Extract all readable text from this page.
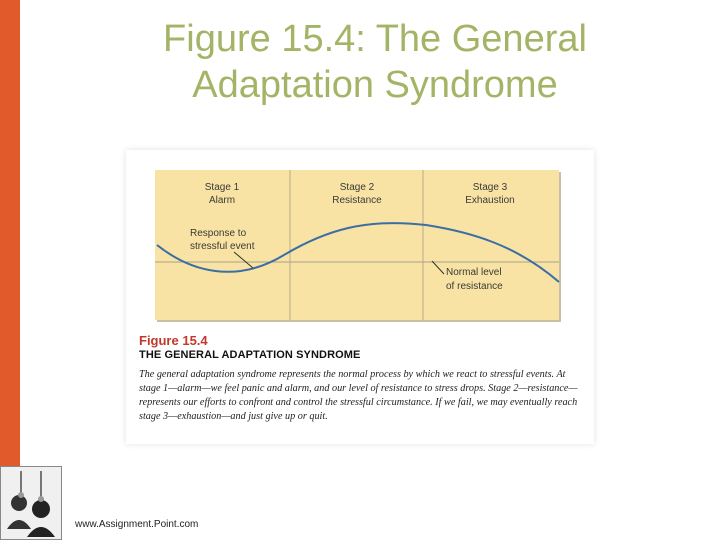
Figure 15.4: The General
Adaptation Syndrome
Stage 1
Alarm
Stage 2
Resistance
Stage 3
Exhaustion
Response to
stressful event
Normal level
of resistance
Figure 15.4
THE GENERAL ADAPTATION SYNDROME
The general adaptation syndrome represents the normal process by which we react to stressful events. At stage 1—alarm—we feel panic and alarm, and our level of resistance to stress drops. Stage 2—resistance—represents our efforts to confront and control the stressful circumstance. If we fail, we may eventually reach stage 3—exhaustion—and just give up or quit.
www.Assignment.Point.com
